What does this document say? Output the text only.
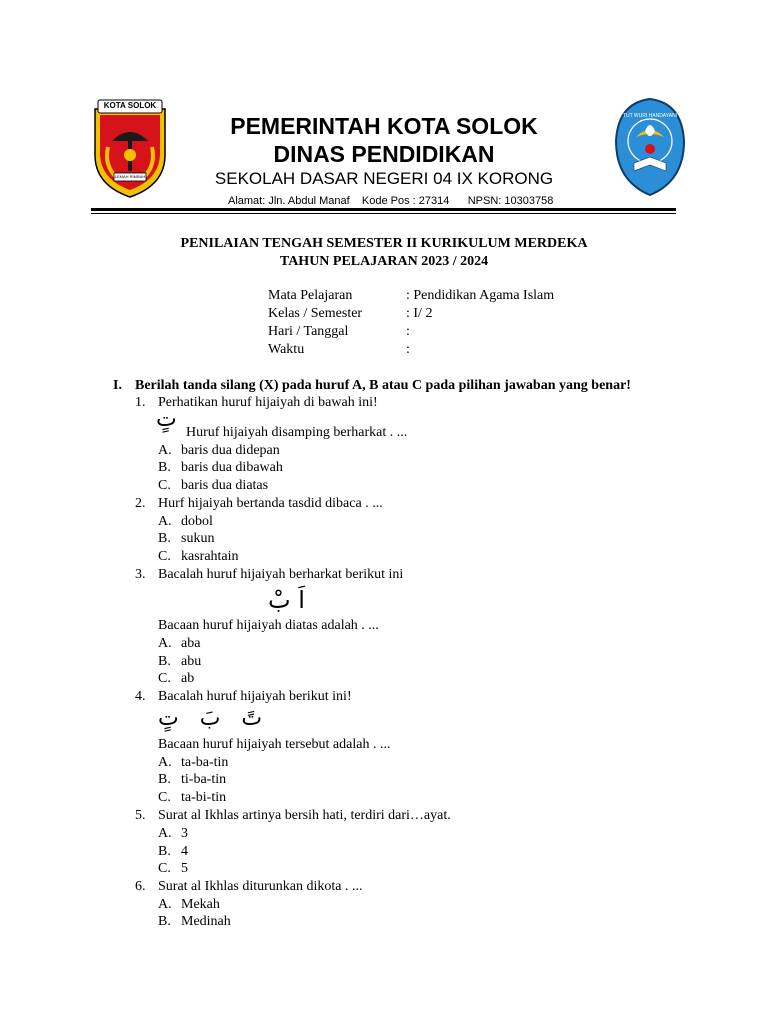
KOTA SOLOK
LEMAH RIMBAH
TUT WURI HANDAYANI
PEMERINTAH KOTA SOLOK
DINAS PENDIDIKAN
SEKOLAH DASAR NEGERI 04 IX KORONG
Alamat: Jln. Abdul Manaf    Kode Pos : 27314      NPSN: 10303758
PENILAIAN TENGAH SEMESTER II KURIKULUM MERDEKA
TAHUN PELAJARAN 2023 / 2024
Mata Pelajaran	: Pendidikan Agama Islam
Kelas / Semester	: I/ 2
Hari / Tanggal	:
Waktu	:
I. Berilah tanda silang (X) pada huruf A, B atau C pada pilihan jawaban yang benar!
1. Perhatikan huruf hijaiyah di bawah ini!
تٍ
Huruf hijaiyah disamping berharkat . ...
A. baris dua didepan
B. baris dua dibawah
C. baris dua diatas
2. Hurf hijaiyah bertanda tasdid dibaca . ...
A. dobol
B. sukun
C. kasrahtain
3. Bacalah huruf hijaiyah berharkat berikut ini
اَ بْ
Bacaan huruf hijaiyah diatas adalah . ...
A. aba
B. abu
C. ab
4. Bacalah huruf hijaiyah berikut ini!
تً   بَ   تٍ
Bacaan huruf hijaiyah tersebut adalah . ...
A. ta-ba-tin
B. ti-ba-tin
C. ta-bi-tin
5. Surat al Ikhlas artinya bersih hati, terdiri dari…ayat.
A. 3
B. 4
C. 5
6. Surat al Ikhlas diturunkan dikota . ...
A. Mekah
B. Medinah
